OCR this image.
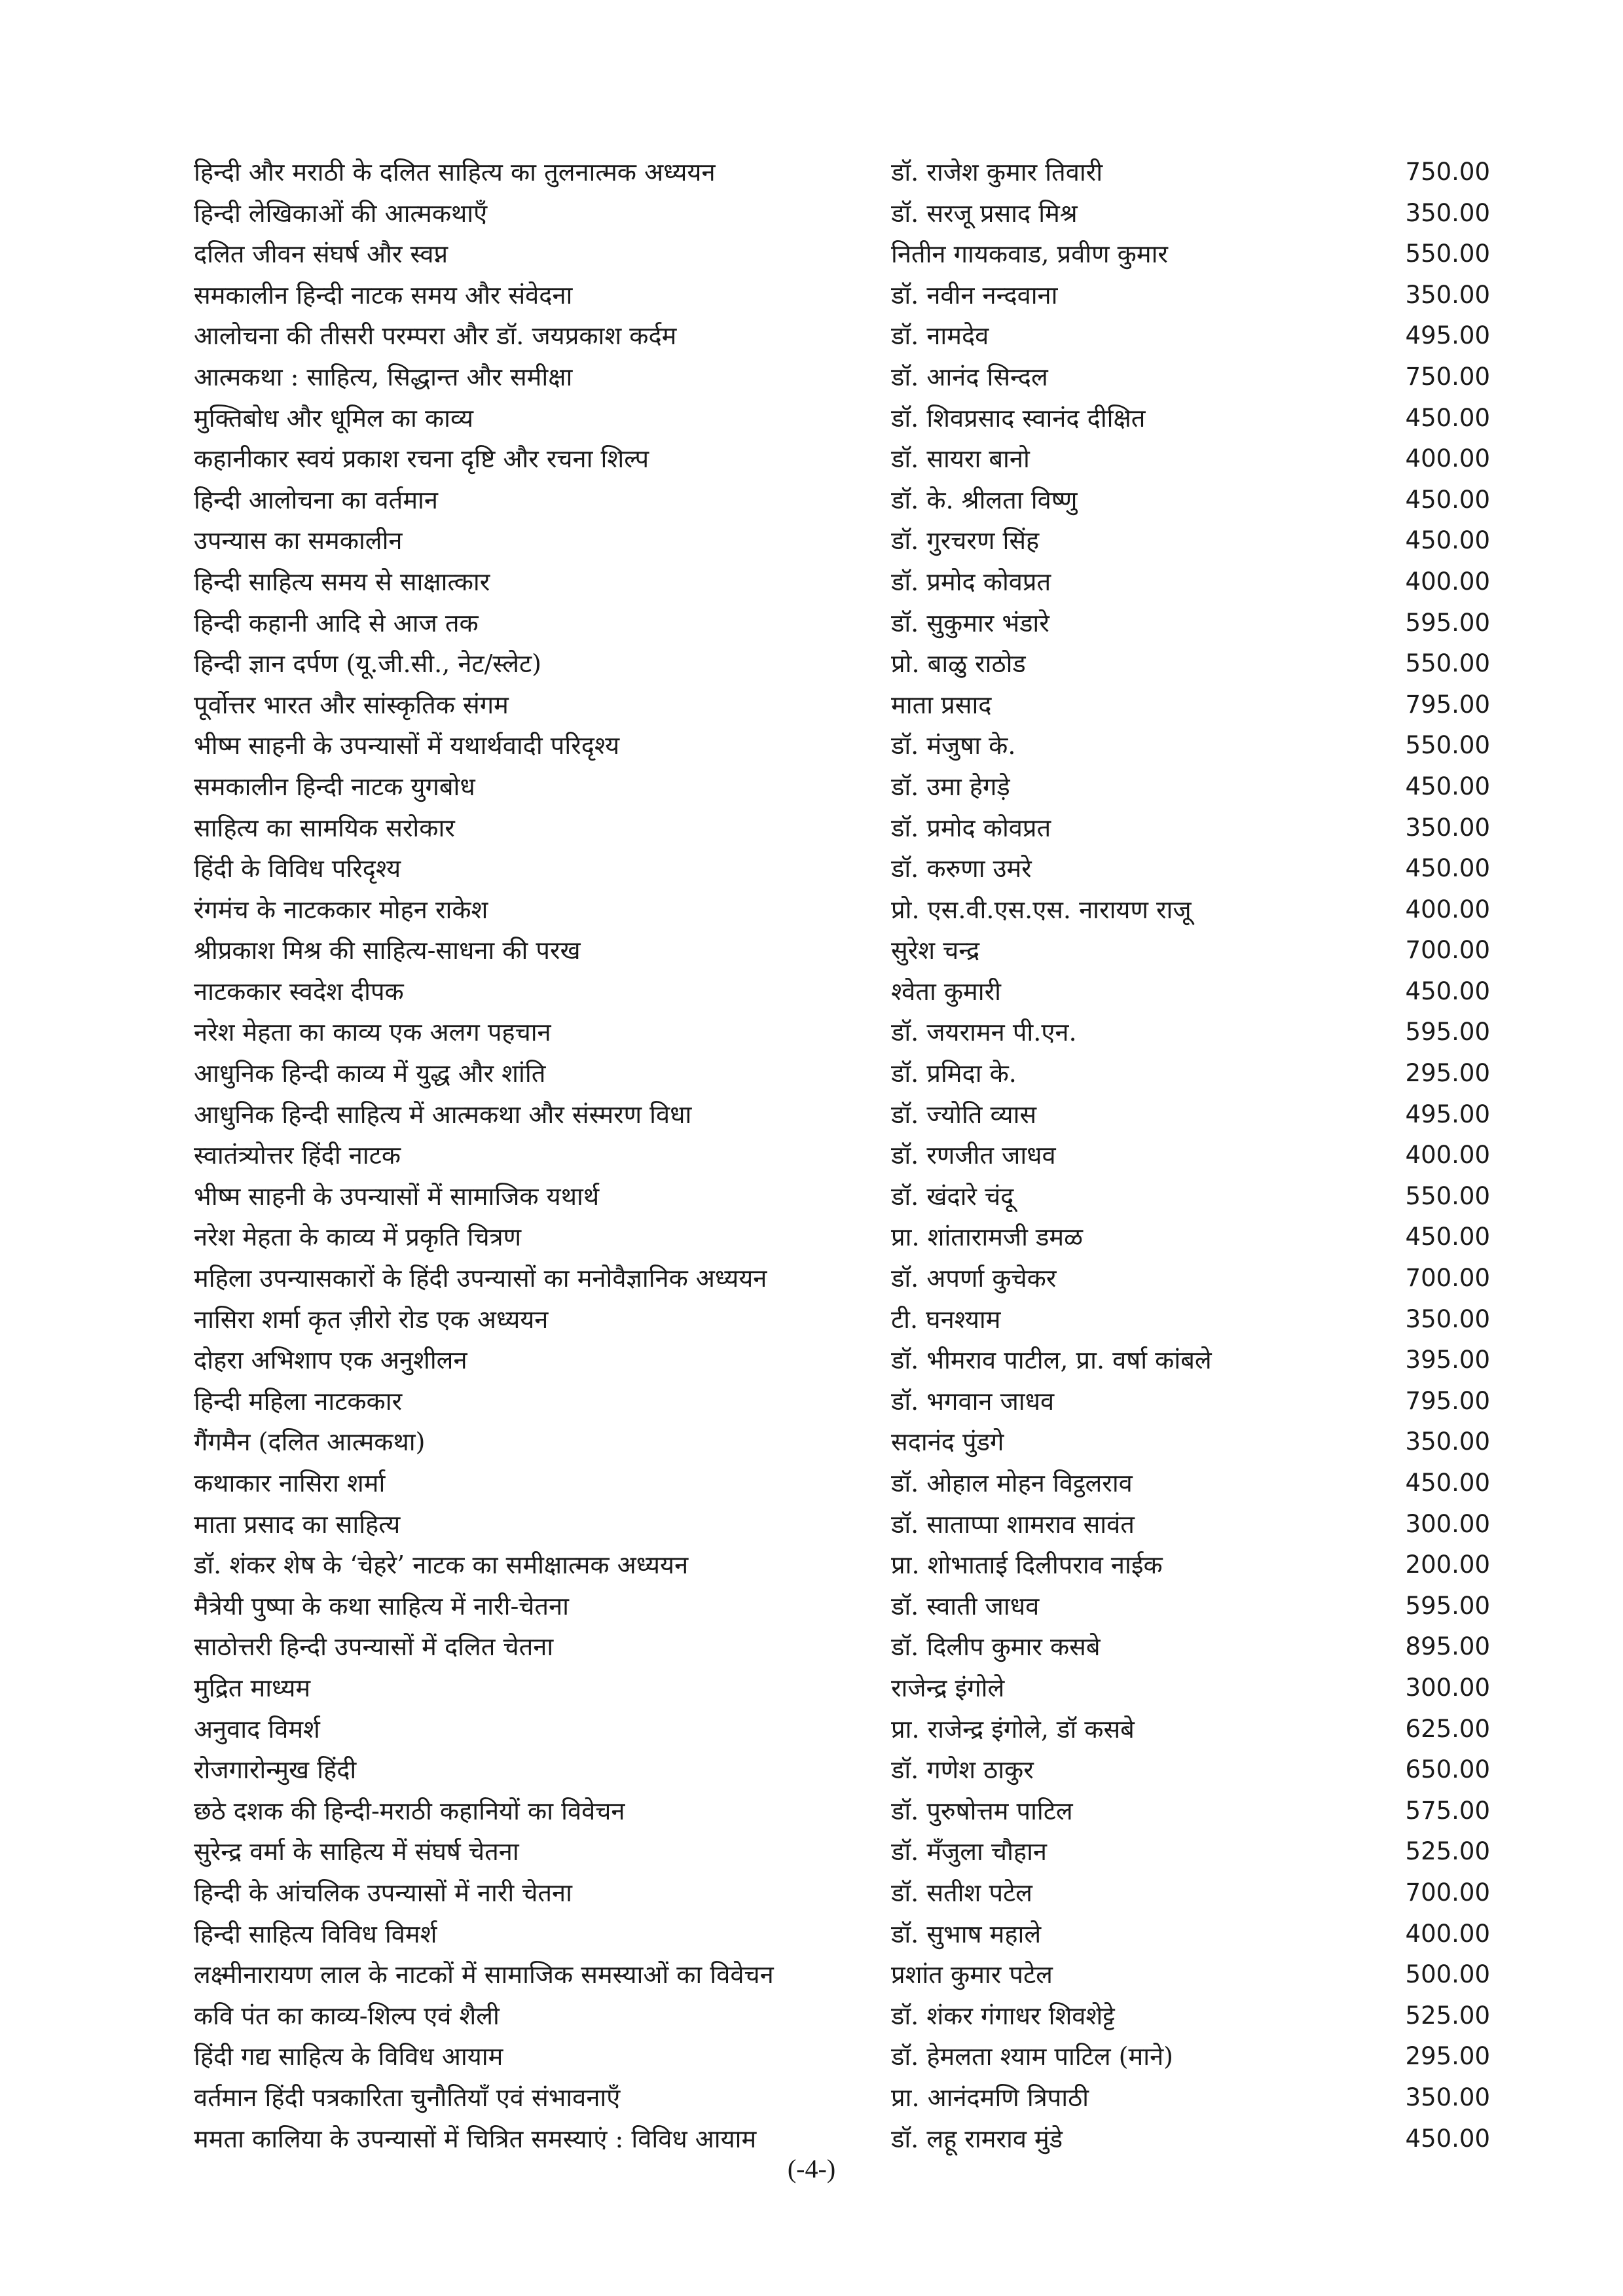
हिन्दी और मराठी के दलित साहित्य का तुलनात्मक अध्ययन	डॉ. राजेश कुमार तिवारी	750.00
हिन्दी लेखिकाओं की आत्मकथाएँ	डॉ. सरजू प्रसाद मिश्र	350.00
दलित जीवन संघर्ष और स्वप्न	नितीन गायकवाड, प्रवीण कुमार	550.00
समकालीन हिन्दी नाटक समय और संवेदना	डॉ. नवीन नन्दवाना	350.00
आलोचना की तीसरी परम्परा और डॉ. जयप्रकाश कर्दम	डॉ. नामदेव	495.00
आत्मकथा : साहित्य, सिद्धान्त और समीक्षा	डॉ. आनंद सिन्दल	750.00
मुक्तिबोध और धूमिल का काव्य	डॉ. शिवप्रसाद स्वानंद दीक्षित	450.00
कहानीकार स्वयं प्रकाश रचना दृष्टि और रचना शिल्प	डॉ. सायरा बानो	400.00
हिन्दी आलोचना का वर्तमान	डॉ. के. श्रीलता विष्णु	450.00
उपन्यास का समकालीन	डॉ. गुरचरण सिंह	450.00
हिन्दी साहित्य समय से साक्षात्कार	डॉ. प्रमोद कोवप्रत	400.00
हिन्दी कहानी आदि से आज तक	डॉ. सुकुमार भंडारे	595.00
हिन्दी ज्ञान दर्पण (यू.जी.सी., नेट/स्लेट)	प्रो. बाळु राठोड	550.00
पूर्वोत्तर भारत और सांस्कृतिक संगम	माता प्रसाद	795.00
भीष्म साहनी के उपन्यासों में यथार्थवादी परिदृश्य	डॉ. मंजुषा के.	550.00
समकालीन हिन्दी नाटक युगबोध	डॉ. उमा हेगड़े	450.00
साहित्य का सामयिक सरोकार	डॉ. प्रमोद कोवप्रत	350.00
हिंदी के विविध परिदृश्य	डॉ. करुणा उमरे	450.00
रंगमंच के नाटककार मोहन राकेश	प्रो. एस.वी.एस.एस. नारायण राजू	400.00
श्रीप्रकाश मिश्र की साहित्य-साधना की परख	सुरेश चन्द्र	700.00
नाटककार स्वदेश दीपक	श्वेता कुमारी	450.00
नरेश मेहता का काव्य एक अलग पहचान	डॉ. जयरामन पी.एन.	595.00
आधुनिक हिन्दी काव्य में युद्ध और शांति	डॉ. प्रमिदा के.	295.00
आधुनिक हिन्दी साहित्य में आत्मकथा और संस्मरण विधा	डॉ. ज्योति व्यास	495.00
स्वातंत्र्योत्तर हिंदी नाटक	डॉ. रणजीत जाधव	400.00
भीष्म साहनी के उपन्यासों में सामाजिक यथार्थ	डॉ. खंदारे चंदू	550.00
नरेश मेहता के काव्य में प्रकृति चित्रण	प्रा. शांतारामजी डमळ	450.00
महिला उपन्यासकारों के हिंदी उपन्यासों का मनोवैज्ञानिक अध्ययन	डॉ. अपर्णा कुचेकर	700.00
नासिरा शर्मा कृत ज़ीरो रोड एक अध्ययन	टी. घनश्याम	350.00
दोहरा अभिशाप एक अनुशीलन	डॉ. भीमराव पाटील, प्रा. वर्षा कांबले	395.00
हिन्दी महिला नाटककार	डॉ. भगवान जाधव	795.00
गैंगमैन (दलित आत्मकथा)	सदानंद पुंडगे	350.00
कथाकार नासिरा शर्मा	डॉ. ओहाल मोहन विट्ठलराव	450.00
माता प्रसाद का साहित्य	डॉ. साताप्पा शामराव सावंत	300.00
डॉ. शंकर शेष के ‘चेहरे’ नाटक का समीक्षात्मक अध्ययन	प्रा. शोभाताई दिलीपराव नाईक	200.00
मैत्रेयी पुष्पा के कथा साहित्य में नारी-चेतना	डॉ. स्वाती जाधव	595.00
साठोत्तरी हिन्दी उपन्यासों में दलित चेतना	डॉ. दिलीप कुमार कसबे	895.00
मुद्रित माध्यम	राजेन्द्र इंगोले	300.00
अनुवाद विमर्श	प्रा. राजेन्द्र इंगोले, डॉ कसबे	625.00
रोजगारोन्मुख हिंदी	डॉ. गणेश ठाकुर	650.00
छठे दशक की हिन्दी-मराठी कहानियों का विवेचन	डॉ. पुरुषोत्तम पाटिल	575.00
सुरेन्द्र वर्मा के साहित्य में संघर्ष चेतना	डॉ. मँजुला चौहान	525.00
हिन्दी के आंचलिक उपन्यासों में नारी चेतना	डॉ. सतीश पटेल	700.00
हिन्दी साहित्य विविध विमर्श	डॉ. सुभाष महाले	400.00
लक्ष्मीनारायण लाल के नाटकों में सामाजिक समस्याओं का विवेचन	प्रशांत कुमार पटेल	500.00
कवि पंत का काव्य-शिल्प एवं शैली	डॉ. शंकर गंगाधर शिवशेट्टे	525.00
हिंदी गद्य साहित्य के विविध आयाम	डॉ. हेमलता श्याम पाटिल (माने)	295.00
वर्तमान हिंदी पत्रकारिता चुनौतियाँ एवं संभावनाएँ	प्रा. आनंदमणि त्रिपाठी	350.00
ममता कालिया के उपन्यासों में चित्रित समस्याएं : विविध आयाम	डॉ. लहू रामराव मुंडे	450.00
(-4-)
